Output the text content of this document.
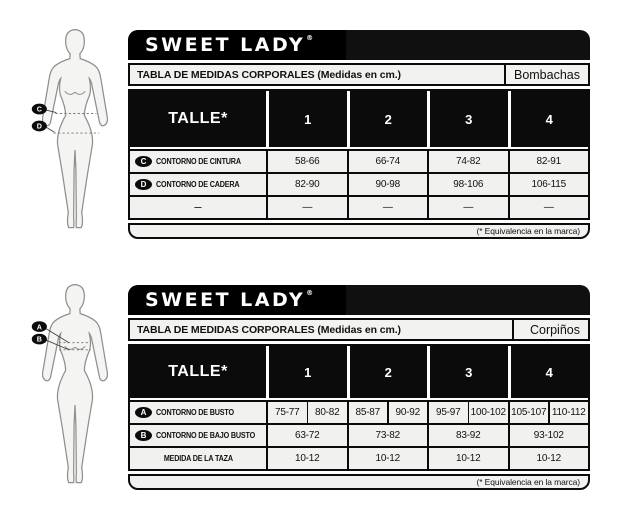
C
D
A
B
SWEET LADY®
TABLA DE MEDIDAS CORPORALES (Medidas en cm.)	Bombachas
TALLE*	1	2	3	4
C	CONTORNO DE CINTURA	58-66	66-74	74-82	82-91
D	CONTORNO DE CADERA	82-90	90-98	98-106	106-115
—	—	—	—	—
(* Equivalencia en la marca)
SWEET LADY®
TABLA DE MEDIDAS CORPORALES (Medidas en cm.)	Corpiños
TALLE*	1	2	3	4
A	CONTORNO DE BUSTO	75-77	80-82	85-87	90-92	95-97	100-102 105-107 110-112
B	CONTORNO DE BAJO BUSTO	63-72	73-82	83-92	93-102
MEDIDA DE LA TAZA	10-12	10-12	10-12	10-12
(* Equivalencia en la marca)
